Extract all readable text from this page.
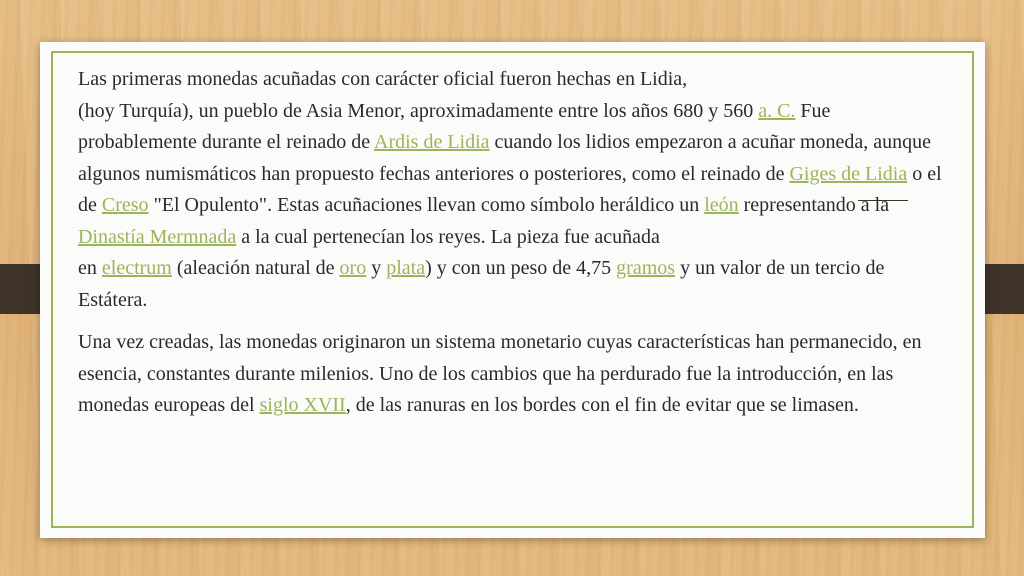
Las primeras monedas acuñadas con carácter oficial fueron hechas en Lidia,
(hoy Turquía), un pueblo de Asia Menor, aproximadamente entre los años 680 y 560 a. C. Fue probablemente durante el reinado de Ardis de Lidia cuando los lidios empezaron a acuñar moneda, aunque algunos numismáticos han propuesto fechas anteriores o posteriores, como el reinado de Giges de Lidia o el de Creso "El Opulento". Estas acuñaciones llevan como símbolo heráldico un león representando a la Dinastía Mermnada a la cual pertenecían los reyes. La pieza fue acuñada
en electrum (aleación natural de oro y plata) y con un peso de 4,75 gramos y un valor de un tercio de Estátera.

Una vez creadas, las monedas originaron un sistema monetario cuyas características han permanecido, en esencia, constantes durante milenios. Uno de los cambios que ha perdurado fue la introducción, en las monedas europeas del siglo XVII, de las ranuras en los bordes con el fin de evitar que se limasen.
